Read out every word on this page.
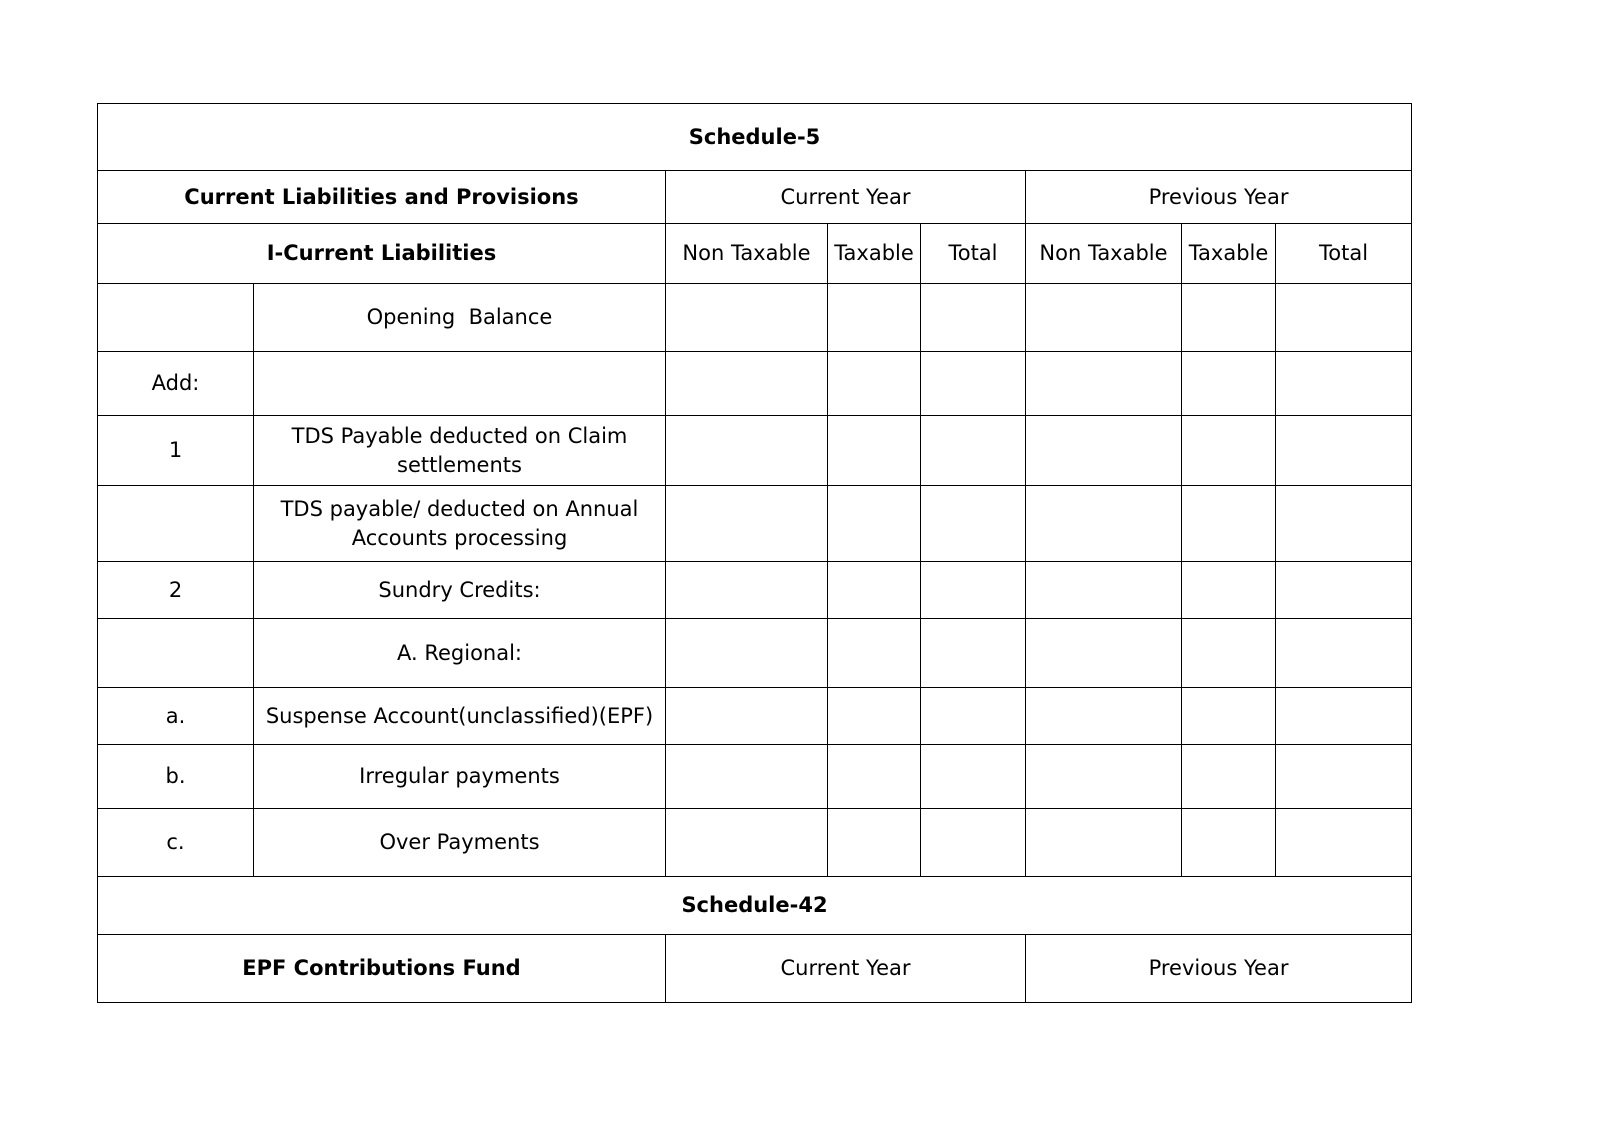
Schedule-5							
Current Liabilities and Provisions		Current Year			Previous Year		
I-Current Liabilities		Non Taxable	Taxable	Total	Non Taxable	Taxable	Total
	Opening  Balance						
Add:							
1	TDS Payable deducted on Claim settlements						
	TDS payable/ deducted on Annual Accounts processing						
2	Sundry Credits:						
	A. Regional:						
a.	Suspense Account(unclassified)(EPF)						
b.	Irregular payments						
c.	Over Payments						
Schedule-42							
EPF Contributions Fund		Current Year			Previous Year		
